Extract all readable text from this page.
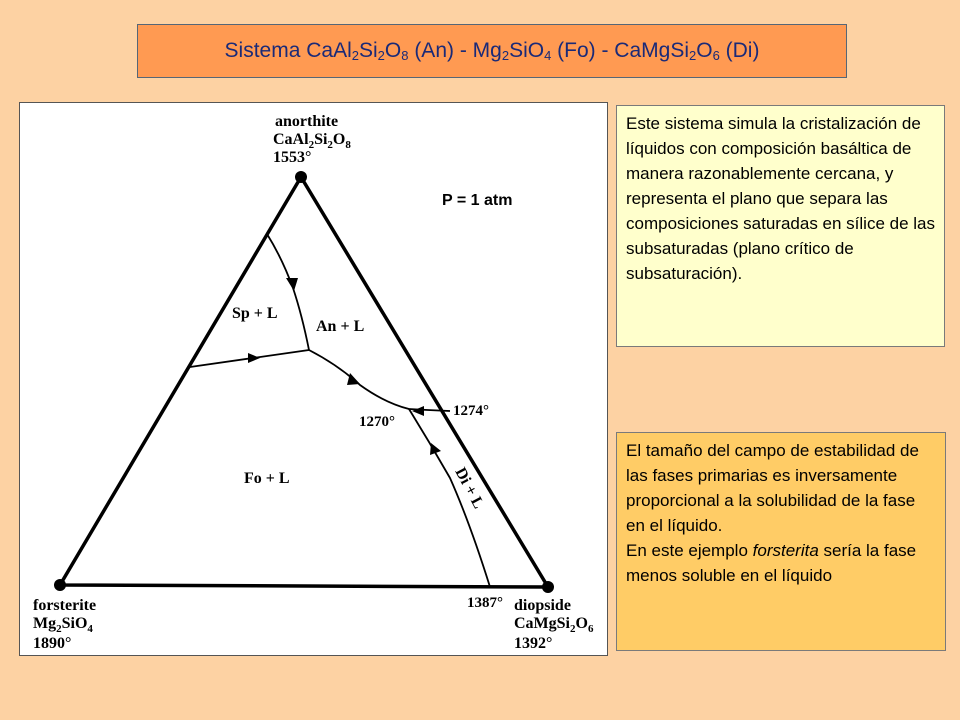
Sistema $CaAl_2Si_2O_8$ $(An) - Mg_2SiO_4$ $(Fo) - CaMgSi_2O_6$ (Di)
P = 1 atm
anorthite
$CaAl_2Si_2O_8$
1553°
forsterite
$Mg_2SiO_4$
1890°
diopside
$CaMgSi_2O_6$
1392°
Sp + L
An + L
Fo + L	Di + L
1270°
1274°
1387°
Este sistema simula la cristalización de líquidos con composición basáltica de manera razonablemente cercana, y representa el plano que separa las composiciones saturadas en sílice de las subsaturadas (plano crítico de subsaturación).
El tamaño del campo de estabilidad de las fases primarias es inversamente proporcional a la solubilidad de la fase en el líquido.
En este ejemplo forsterita sería la fase menos soluble en el líquido
